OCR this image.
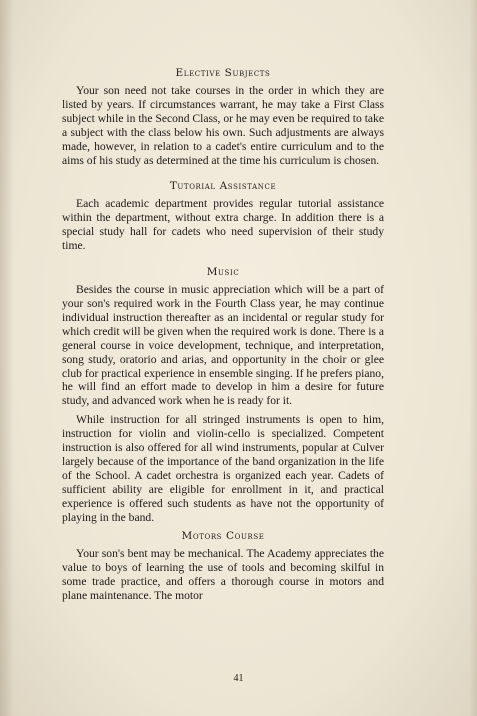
Elective Subjects

Your son need not take courses in the order in which they are listed by years. If circumstances warrant, he may take a First Class subject while in the Second Class, or he may even be required to take a subject with the class below his own. Such adjustments are always made, however, in relation to a cadet's entire curriculum and to the aims of his study as determined at the time his curriculum is chosen.

Tutorial Assistance

Each academic department provides regular tutorial assistance within the department, without extra charge. In addition there is a special study hall for cadets who need supervision of their study time.

Music

Besides the course in music appreciation which will be a part of your son's required work in the Fourth Class year, he may continue individual instruction thereafter as an incidental or regular study for which credit will be given when the required work is done. There is a general course in voice development, technique, and interpretation, song study, oratorio and arias, and opportunity in the choir or glee club for practical experience in ensemble singing. If he prefers piano, he will find an effort made to develop in him a desire for future study, and advanced work when he is ready for it.

While instruction for all stringed instruments is open to him, instruction for violin and violin-cello is specialized. Competent instruction is also offered for all wind instruments, popular at Culver largely because of the importance of the band organization in the life of the School. A cadet orchestra is organized each year. Cadets of sufficient ability are eligible for enrollment in it, and practical experience is offered such students as have not the opportunity of playing in the band.

Motors Course

Your son's bent may be mechanical. The Academy appreciates the value to boys of learning the use of tools and becoming skilful in some trade practice, and offers a thorough course in motors and plane maintenance. The motor

41
